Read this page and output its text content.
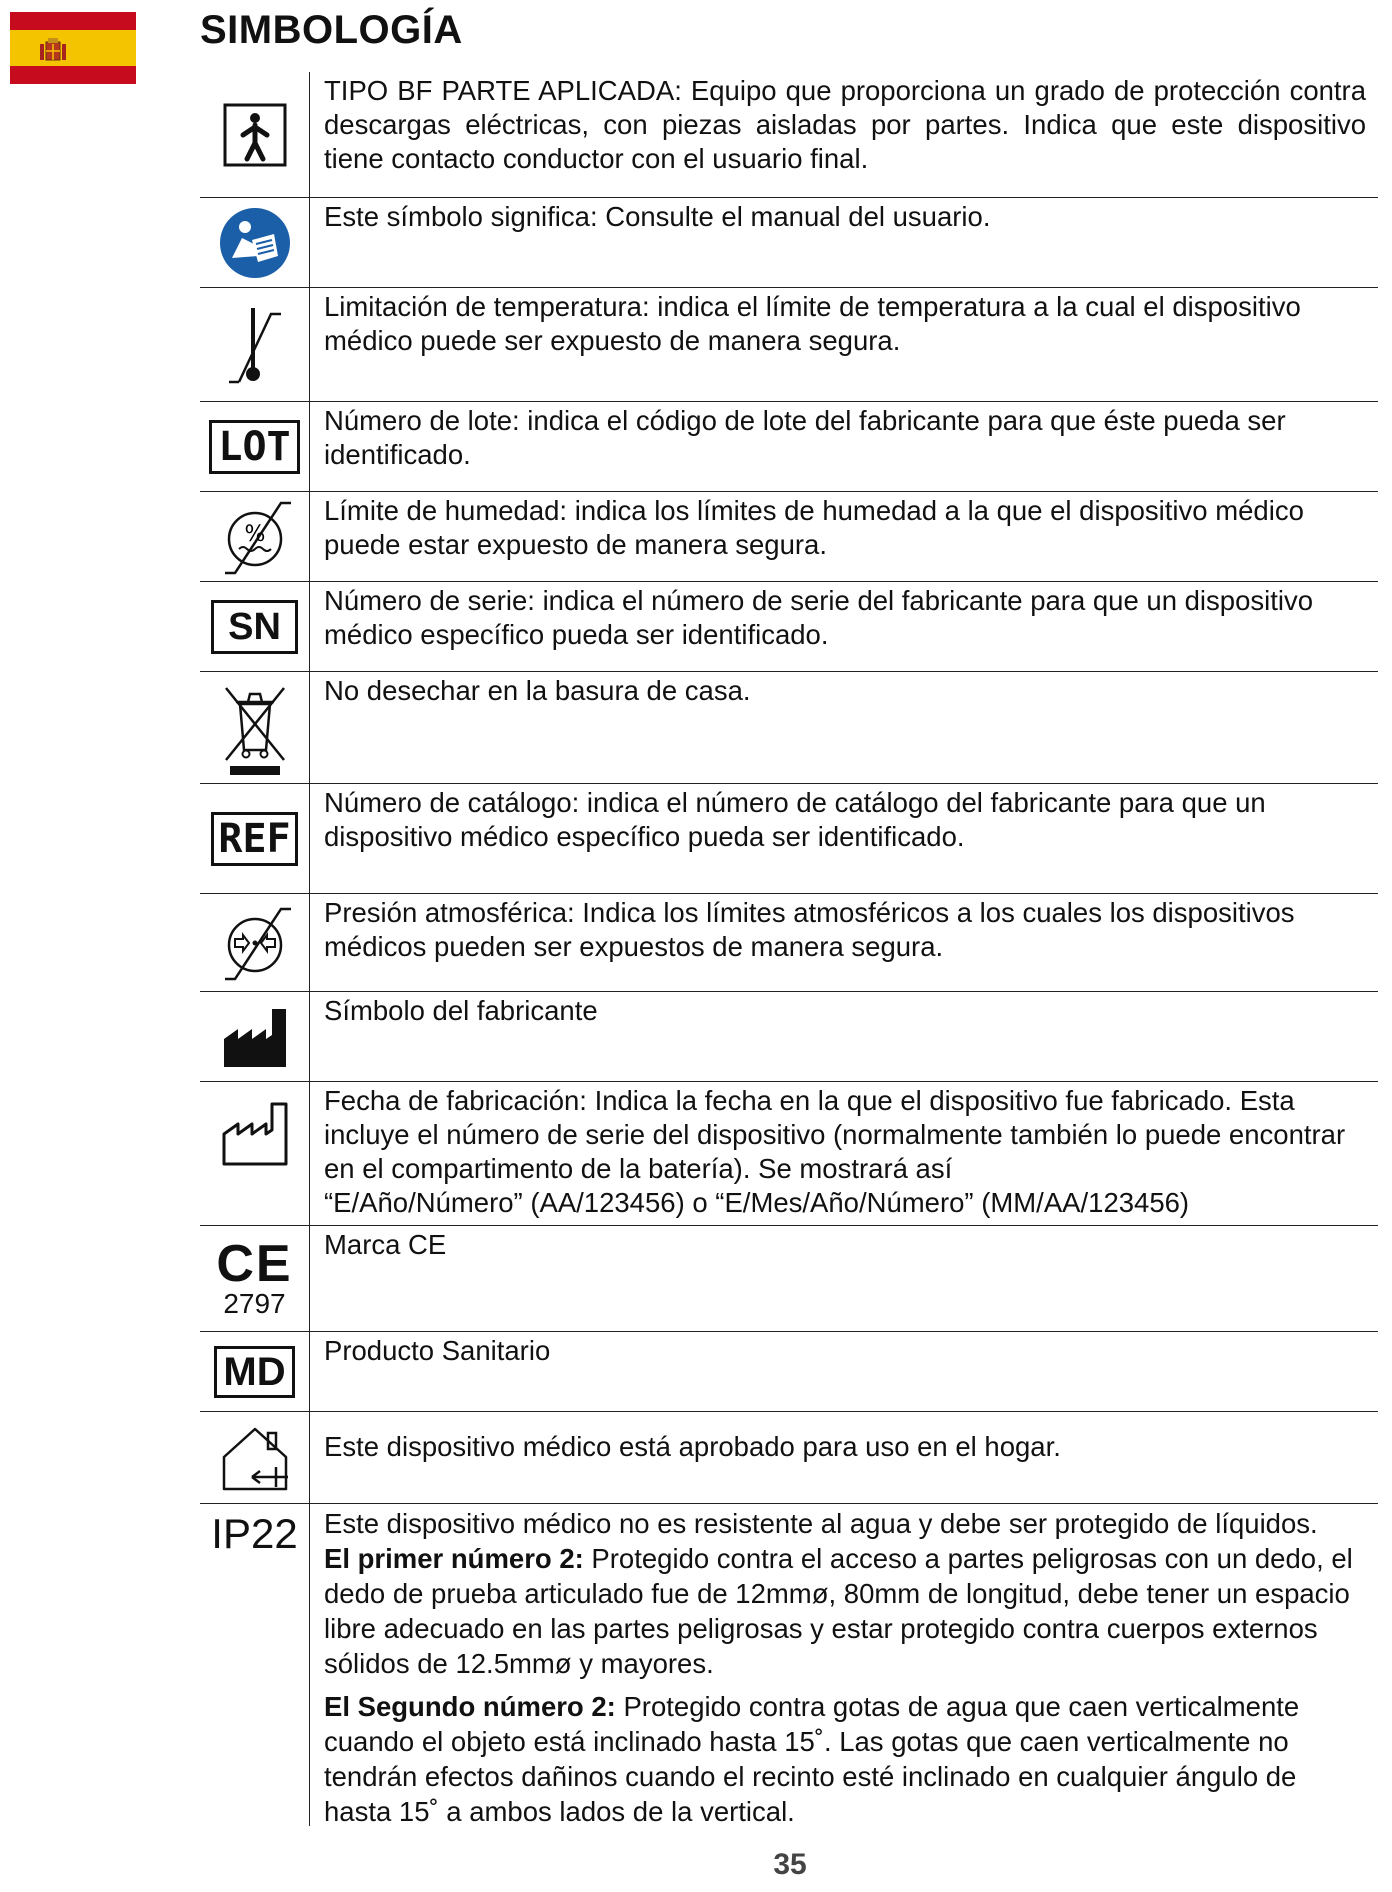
SIMBOLOGÍA
TIPO BF PARTE APLICADA: Equipo que proporciona un grado de protección contra descargas eléctricas, con piezas aisladas por partes. Indica que este dispositivo tiene contacto conductor con el usuario final.
Este símbolo significa: Consulte el manual del usuario.
Limitación de temperatura: indica el límite de temperatura a la cual el dispositivo médico puede ser expuesto de manera segura.
LOT
Número de lote: indica el código de lote del fabricante para que éste pueda ser identificado.
%
Límite de humedad: indica los límites de humedad a la que el dispositivo médico puede estar expuesto de manera segura.
SN
Número de serie: indica el número de serie del fabricante para que un dispositivo médico específico pueda ser identificado.
No desechar en la basura de casa.
REF
Número de catálogo: indica el número de catálogo del fabricante para que un dispositivo médico específico pueda ser identificado.
Presión atmosférica: Indica los límites atmosféricos a los cuales los dispositivos médicos pueden ser expuestos de manera segura.
Símbolo del fabricante

Fecha de fabricación: Indica la fecha en la que el dispositivo fue fabricado. Esta incluye el número de serie del dispositivo (normalmente también lo puede encontrar en el compartimento de la batería). Se mostrará así

“E/Año/Número” (AA/123456) o “E/Mes/Año/Número” (MM/AA/123456)

CE
2797
Marca CE
MD	Producto Sanitario
Este dispositivo médico está aprobado para uso en el hogar.
IP22 Este dispositivo médico no es resistente al agua y debe ser protegido de líquidos.

El primer número 2: Protegido contra el acceso a partes peligrosas con un dedo, el dedo de prueba articulado fue de 12mmø, 80mm de longitud, debe tener un espacio libre adecuado en las partes peligrosas y estar protegido contra cuerpos externos sólidos de 12.5mmø y mayores.

El Segundo número 2: Protegido contra gotas de agua que caen verticalmente cuando el objeto está inclinado hasta 15˚. Las gotas que caen verticalmente no tendrán efectos dañinos cuando el recinto esté inclinado en cualquier ángulo de hasta 15˚ a ambos lados de la vertical.

35
